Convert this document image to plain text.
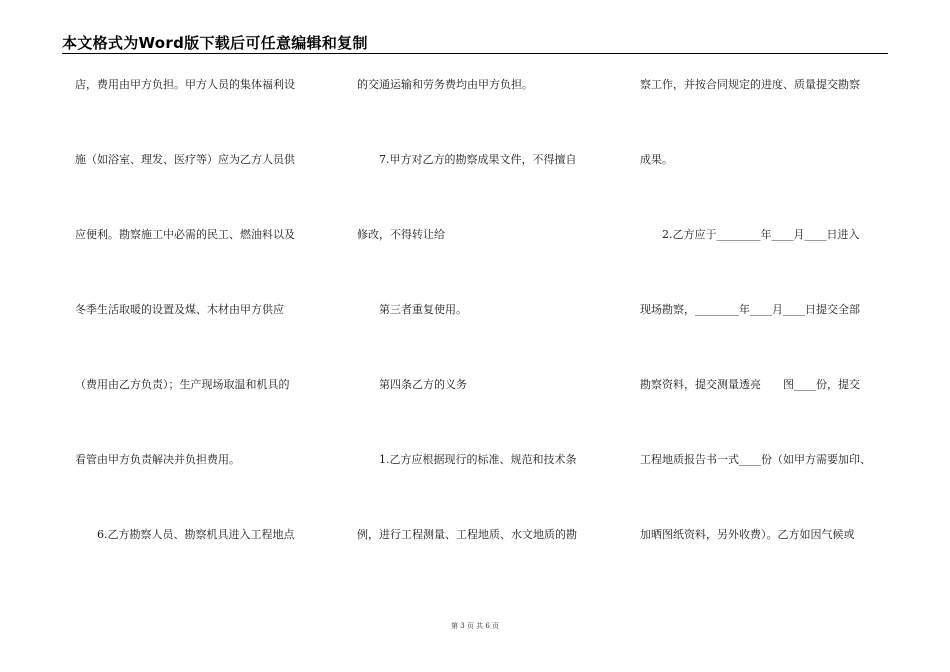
本文格式为Word版下载后可任意编辑和复制
店，费用由甲方负担。甲方人员的集体福利设
施（如浴室、理发、医疗等）应为乙方人员供
应便利。勘察施工中必需的民工、燃油料以及
冬季生活取暖的设置及煤、木材由甲方供应
（费用由乙方负责）；生产现场取温和机具的
看管由甲方负责解决并负担费用。
　　6.乙方勘察人员、勘察机具进入工程地点
的交通运输和劳务费均由甲方负担。
　　7.甲方对乙方的勘察成果文件，不得擅自
修改，不得转让给
　　第三者重复使用。
　　第四条乙方的义务
　　1.乙方应根据现行的标准、规范和技术条
例，进行工程测量、工程地质、水文地质的勘
察工作，并按合同规定的进度、质量提交勘察
成果。
　　2.乙方应于________年____月____日进入
现场勘察，________年____月____日提交全部
勘察资料，提交测量透亮　　图____份，提交
工程地质报告书一式____份（如甲方需要加印、
加晒图纸资料，另外收费）。乙方如因气候或
第 3 页 共 6 页
